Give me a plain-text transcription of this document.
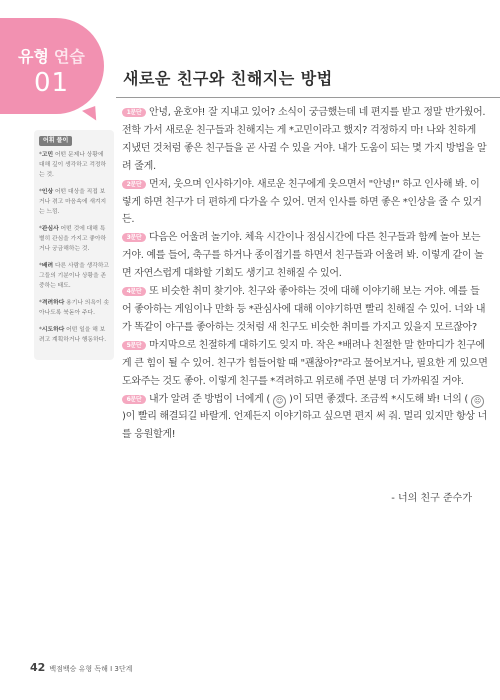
유형 연습
01	새로운 친구와 친해지는 방법
어휘 풀이
*고민 어떤 문제나 상황에 대해 깊이 생각하고 걱정하는 것.
*인상 어떤 대상을 직접 보거나 겪고 마음속에 새겨지는 느낌.
*관심사 어떤 것에 대해 특별히 관심을 가지고 좋아하거나 궁금해하는 것.
*배려 다른 사람을 생각하고 그들의 기분이나 상황을 존중하는 태도.
*격려하다 용기나 의욕이 솟아나도록 북돋아 주다.
*시도하다 어떤 일을 해 보려고 계획하거나 행동하다.

1문단 안녕, 윤호야! 잘 지내고 있어? 소식이 궁금했는데 네 편지를 받고 정말 반가웠어. 전학 가서 새로운 친구들과 친해지는 게 *고민이라고 했지? 걱정하지 마! 나와 친하게 지냈던 것처럼 좋은 친구들을 곧 사귈 수 있을 거야. 내가 도움이 되는 몇 가지 방법을 알려 줄게.

2문단 먼저, 웃으며 인사하기야. 새로운 친구에게 웃으면서 "안녕!" 하고 인사해 봐. 이렇게 하면 친구가 더 편하게 다가올 수 있어. 먼저 인사를 하면 좋은 *인상을 줄 수 있거든.

3문단 다음은 어울려 놀기야. 체육 시간이나 점심시간에 다른 친구들과 함께 놀아 보는 거야. 예를 들어, 축구를 하거나 종이접기를 하면서 친구들과 어울려 봐. 이렇게 같이 놀면 자연스럽게 대화할 기회도 생기고 친해질 수 있어.

4문단 또 비슷한 취미 찾기야. 친구와 좋아하는 것에 대해 이야기해 보는 거야. 예를 들어 좋아하는 게임이나 만화 등 *관심사에 대해 이야기하면 빨리 친해질 수 있어. 너와 내가 똑같이 야구를 좋아하는 것처럼 새 친구도 비슷한 취미를 가지고 있을지 모르잖아?

5문단 마지막으로 친절하게 대하기도 잊지 마. 작은 *배려나 친절한 말 한마디가 친구에게 큰 힘이 될 수 있어. 친구가 힘들어할 때 "괜찮아?"라고 물어보거나, 필요한 게 있으면 도와주는 것도 좋아. 이렇게 친구를 *격려하고 위로해 주면 분명 더 가까워질 거야.

6문단 내가 알려 준 방법이 너에게 ( ☺ )이 되면 좋겠다. 조금씩 *시도해 봐! 너의 ( ☹)이 빨리 해결되길 바랄게. 언제든지 이야기하고 싶으면 편지 써 줘. 멀리 있지만 항상 너를 응원할게!

- 너의 친구 준수가
42 백점백승 유형 독해 Ⅰ 3단계
